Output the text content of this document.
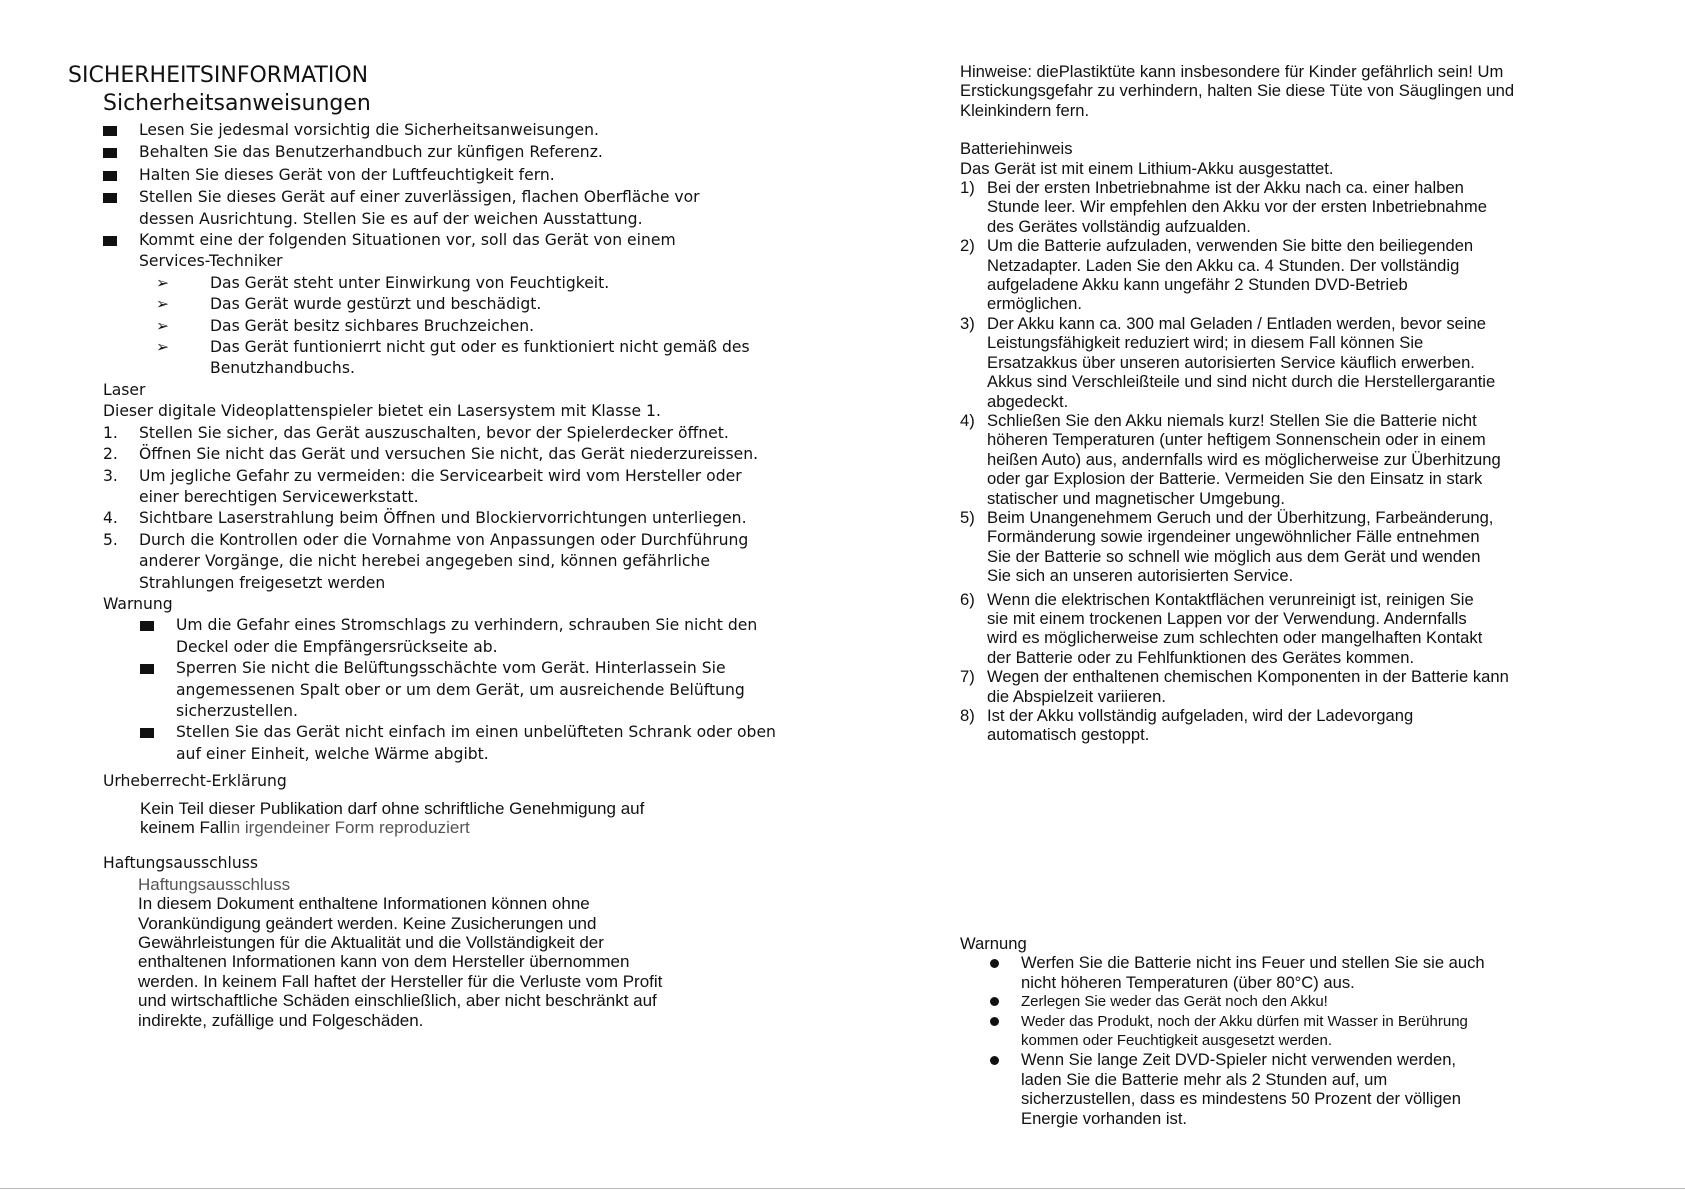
SICHERHEITSINFORMATION
Sicherheitsanweisungen
Lesen Sie jedesmal vorsichtig die Sicherheitsanweisungen.
Behalten Sie das Benutzerhandbuch zur künfigen Referenz.
Halten Sie dieses Gerät von der Luftfeuchtigkeit fern.
Stellen Sie dieses Gerät auf einer zuverlässigen, flachen Oberfläche vor dessen Ausrichtung. Stellen Sie es auf der weichen Ausstattung.
Kommt eine der folgenden Situationen vor, soll das Gerät von einem Services-Techniker
➢	Das Gerät steht unter Einwirkung von Feuchtigkeit.
➢	Das Gerät wurde gestürzt und beschädigt.
➢	Das Gerät besitz sichbares Bruchzeichen.
➢	Das Gerät funtionierrt nicht gut oder es funktioniert nicht gemäß des Benutzhandbuchs.
Laser
Dieser digitale Videoplattenspieler bietet ein Lasersystem mit Klasse 1.
1.	Stellen Sie sicher, das Gerät auszuschalten, bevor der Spielerdecker öffnet.
2.	Öffnen Sie nicht das Gerät und versuchen Sie nicht, das Gerät niederzureissen.
3.	Um jegliche Gefahr zu vermeiden: die Servicearbeit wird vom Hersteller oder einer berechtigen Servicewerkstatt.
4.	Sichtbare Laserstrahlung beim Öffnen und Blockiervorrichtungen unterliegen.
5.	Durch die Kontrollen oder die Vornahme von Anpassungen oder Durchführung anderer Vorgänge, die nicht herebei angegeben sind, können gefährliche Strahlungen freigesetzt werden
Warnung
Um die Gefahr eines Stromschlags zu verhindern, schrauben Sie nicht den Deckel oder die Empfängersrückseite ab.
Sperren Sie nicht die Belüftungsschächte vom Gerät. Hinterlassein Sie angemessenen Spalt ober or um dem Gerät, um ausreichende Belüftung sicherzustellen.
Stellen Sie das Gerät nicht einfach im einen unbelüfteten Schrank oder oben auf einer Einheit, welche Wärme abgibt.
Urheberrecht-Erklärung
Kein Teil dieser Publikation darf ohne schriftliche Genehmigung auf keinem Fallin irgendeiner Form reproduziert
Haftungsausschluss
Haftungsausschluss
In diesem Dokument enthaltene Informationen können ohne Vorankündigung geändert werden. Keine Zusicherungen und Gewährleistungen für die Aktualität und die Vollständigkeit der enthaltenen Informationen kann von dem Hersteller übernommen werden. In keinem Fall haftet der Hersteller für die Verluste vom Profit und wirtschaftliche Schäden einschließlich, aber nicht beschränkt auf indirekte, zufällige und Folgeschäden.
Hinweise: diePlastiktüte kann insbesondere für Kinder gefährlich sein! Um Erstickungsgefahr zu verhindern, halten Sie diese Tüte von Säuglingen und Kleinkindern fern.
Batteriehinweis
Das Gerät ist mit einem Lithium-Akku ausgestattet.
1) Bei der ersten Inbetriebnahme ist der Akku nach ca. einer halben Stunde leer. Wir empfehlen den Akku vor der ersten Inbetriebnahme des Gerätes vollständig aufzualden.
2) Um die Batterie aufzuladen, verwenden Sie bitte den beiliegenden Netzadapter. Laden Sie den Akku ca. 4 Stunden. Der vollständig aufgeladene Akku kann ungefähr 2 Stunden DVD-Betrieb ermöglichen.
3) Der Akku kann ca. 300 mal Geladen / Entladen werden, bevor seine Leistungsfähigkeit reduziert wird; in diesem Fall können Sie Ersatzakkus über unseren autorisierten Service käuflich erwerben. Akkus sind Verschleißteile und sind nicht durch die Herstellergarantie abgedeckt.
4) Schließen Sie den Akku niemals kurz! Stellen Sie die Batterie nicht höheren Temperaturen (unter heftigem Sonnenschein oder in einem heißen Auto) aus, andernfalls wird es möglicherweise zur Überhitzung oder gar Explosion der Batterie. Vermeiden Sie den Einsatz in stark statischer und magnetischer Umgebung.
5) Beim Unangenehmem Geruch und der Überhitzung, Farbeänderung, Formänderung sowie irgendeiner ungewöhnlicher Fälle entnehmen Sie der Batterie so schnell wie möglich aus dem Gerät und wenden Sie sich an unseren autorisierten Service.
6) Wenn die elektrischen Kontaktflächen verunreinigt ist, reinigen Sie sie mit einem trockenen Lappen vor der Verwendung. Andernfalls wird es möglicherweise zum schlechten oder mangelhaften Kontakt der Batterie oder zu Fehlfunktionen des Gerätes kommen.
7) Wegen der enthaltenen chemischen Komponenten in der Batterie kann die Abspielzeit variieren.
8) Ist der Akku vollständig aufgeladen, wird der Ladevorgang automatisch gestoppt.
Warnung
Werfen Sie die Batterie nicht ins Feuer und stellen Sie sie auch nicht höheren Temperaturen (über 80°C) aus.
Zerlegen Sie weder das Gerät noch den Akku!
Weder das Produkt, noch der Akku dürfen mit Wasser in Berührung kommen oder Feuchtigkeit ausgesetzt werden.
Wenn Sie lange Zeit DVD-Spieler nicht verwenden werden, laden Sie die Batterie mehr als 2 Stunden auf, um sicherzustellen, dass es mindestens 50 Prozent der völligen Energie vorhanden ist.
